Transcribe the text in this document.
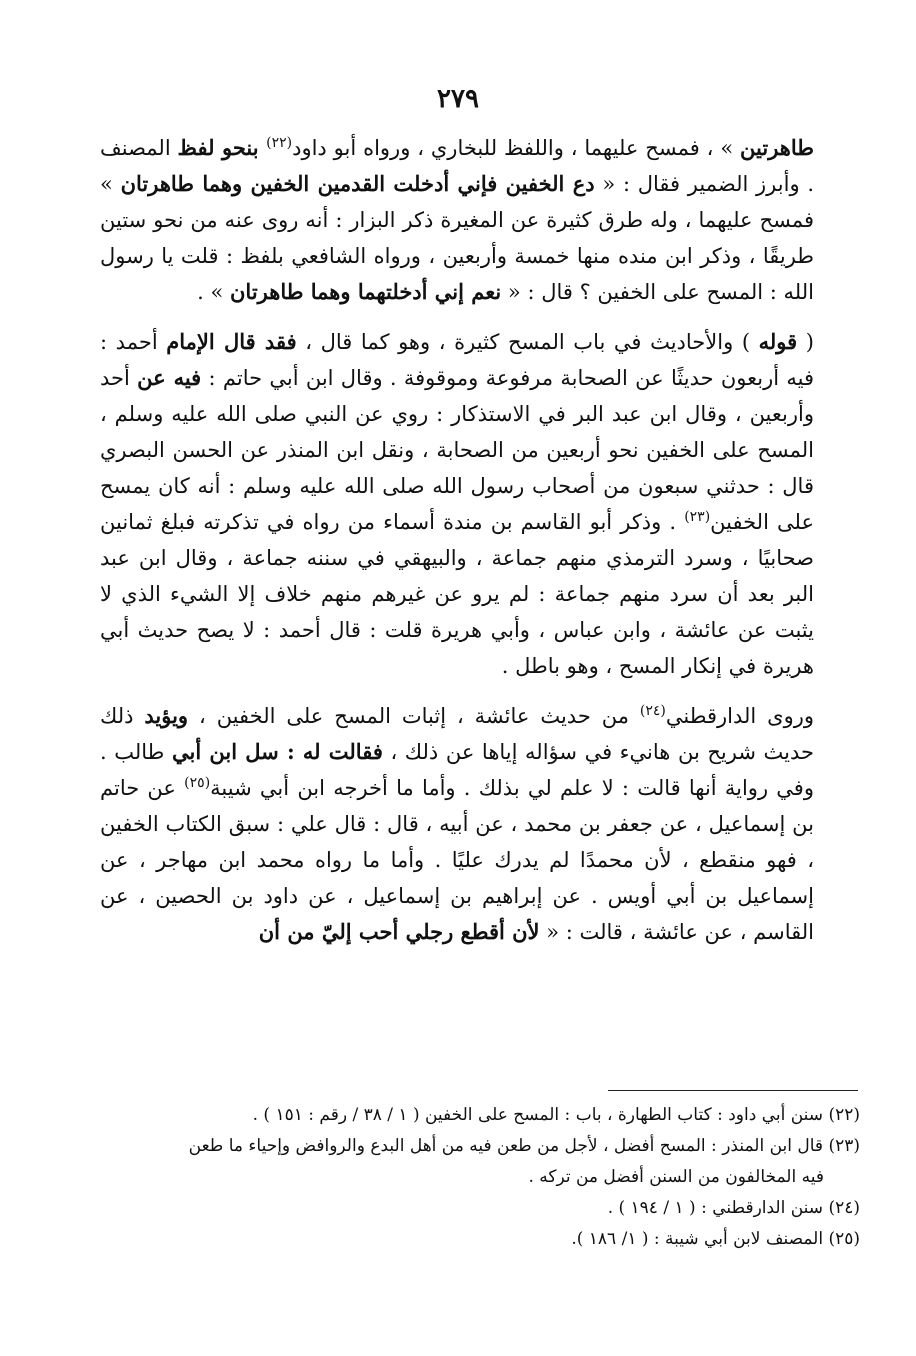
٢٧٩

طاهرتين » ، فمسح عليهما ، واللفظ للبخاري ، ورواه أبو داود$^{(٢٢)}$ بنحو لفظ المصنف . وأبرز الضمير فقال : « دع الخفين فإني أدخلت القدمين الخفين وهما طاهرتان » فمسح عليهما ، وله طرق كثيرة عن المغيرة ذكر البزار : أنه روى عنه من نحو ستين طريقًا ، وذكر ابن منده منها خمسة وأربعين ، ورواه الشافعي بلفظ : قلت يا رسول الله : المسح على الخفين ؟ قال : « نعم إني أدخلتهما وهما طاهرتان » .

( قوله ) والأحاديث في باب المسح كثيرة ، وهو كما قال ، فقد قال الإمام أحمد : فيه أربعون حديثًا عن الصحابة مرفوعة وموقوفة . وقال ابن أبي حاتم : فيه عن أحد وأربعين ، وقال ابن عبد البر في الاستذكار : روي عن النبي صلى الله عليه وسلم ، المسح على الخفين نحو أربعين من الصحابة ، ونقل ابن المنذر عن الحسن البصري قال : حدثني سبعون من أصحاب رسول الله صلى الله عليه وسلم : أنه كان يمسح على الخفين$^{(٢٣)}$ . وذكر أبو القاسم بن مندة أسماء من رواه في تذكرته فبلغ ثمانين صحابيًا ، وسرد الترمذي منهم جماعة ، والبيهقي في سننه جماعة ، وقال ابن عبد البر بعد أن سرد منهم جماعة : لم يرو عن غيرهم منهم خلاف إلا الشيء الذي لا يثبت عن عائشة ، وابن عباس ، وأبي هريرة قلت : قال أحمد : لا يصح حديث أبي هريرة في إنكار المسح ، وهو باطل .

وروى الدارقطني$^{(٢٤)}$ من حديث عائشة ، إثبات المسح على الخفين ، ويؤيد ذلك حديث شريح بن هانيء في سؤاله إياها عن ذلك ، فقالت له : سل ابن أبي طالب . وفي رواية أنها قالت : لا علم لي بذلك . وأما ما أخرجه ابن أبي شيبة$^{(٢٥)}$ عن حاتم بن إسماعيل ، عن جعفر بن محمد ، عن أبيه ، قال : قال علي : سبق الكتاب الخفين ، فهو منقطع ، لأن محمدًا لم يدرك عليًا . وأما ما رواه محمد ابن مهاجر ، عن إسماعيل بن أبي أويس . عن إبراهيم بن إسماعيل ، عن داود بن الحصين ، عن القاسم ، عن عائشة ، قالت : « لأن أقطع رجلي أحب إليّ من أن

(٢٢) سنن أبي داود : كتاب الطهارة ، باب : المسح على الخفين ( ١ / ٣٨ / رقم : ١٥١ ) .

(٢٣) قال ابن المنذر : المسح أفضل ، لأجل من طعن فيه من أهل البدع والروافض وإحياء ما طعن

فيه المخالفون من السنن أفضل من تركه .

(٢٤) سنن الدارقطني : ( ١ / ١٩٤ ) .

(٢٥) المصنف لابن أبي شيبة : ( ١/ ١٨٦ ).
